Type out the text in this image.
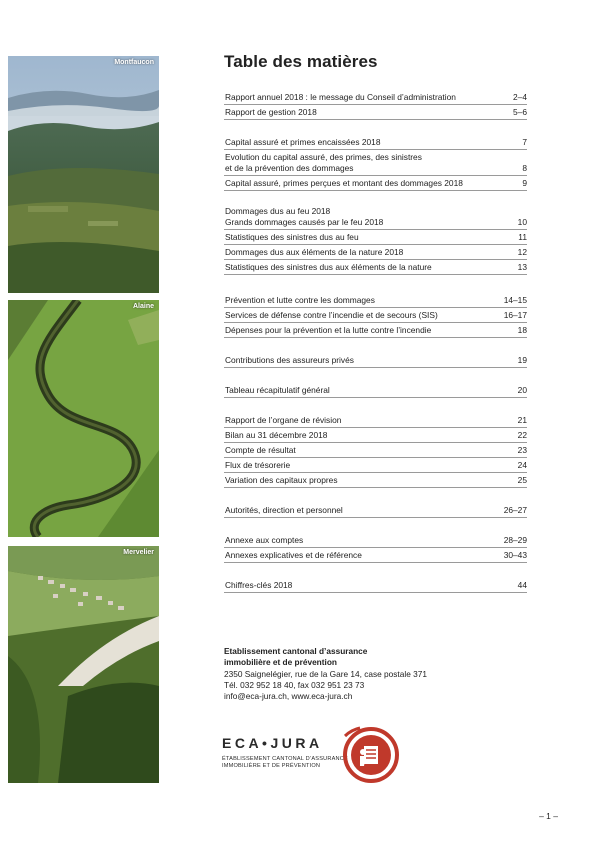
Montfaucon
Alaine
Mervelier
Table des matières
Rapport annuel 2018 : le message du Conseil d’administration	2–4
Rapport de gestion 2018	5–6
Capital assuré et primes encaissées 2018	7
Evolution du capital assuré, des primes, des sinistres
et de la prévention des dommages	8
Capital assuré, primes perçues et montant des dommages 2018	9
Dommages dus au feu 2018
Grands dommages causés par le feu 2018	10
Statistiques des sinistres dus au feu	11
Dommages dus aux éléments de la nature 2018	12
Statistiques des sinistres dus aux éléments de la nature	13
Prévention et lutte contre les dommages	14–15
Services de défense contre l’incendie et de secours (SIS)	16–17
Dépenses pour la prévention et la lutte contre l’incendie	18
Contributions des assureurs privés	19
Tableau récapitulatif général	20
Rapport de l’organe de révision	21
Bilan au 31 décembre 2018	22
Compte de résultat	23
Flux de trésorerie	24
Variation des capitaux propres	25
Autorités, direction et personnel	26–27
Annexe aux comptes	28–29
Annexes explicatives et de référence	30–43
Chiffres-clés 2018	44
Etablissement cantonal d’assurance
immobilière et de prévention
2350 Saignelégier, rue de la Gare 14, case postale 371
Tél. 032 952 18 40, fax 032 951 23 73
info@eca-jura.ch, www.eca-jura.ch
ECA•JURA
ÉTABLISSEMENT CANTONAL D’ASSURANCE
IMMOBILIÈRE ET DE PRÉVENTION
– 1 –
